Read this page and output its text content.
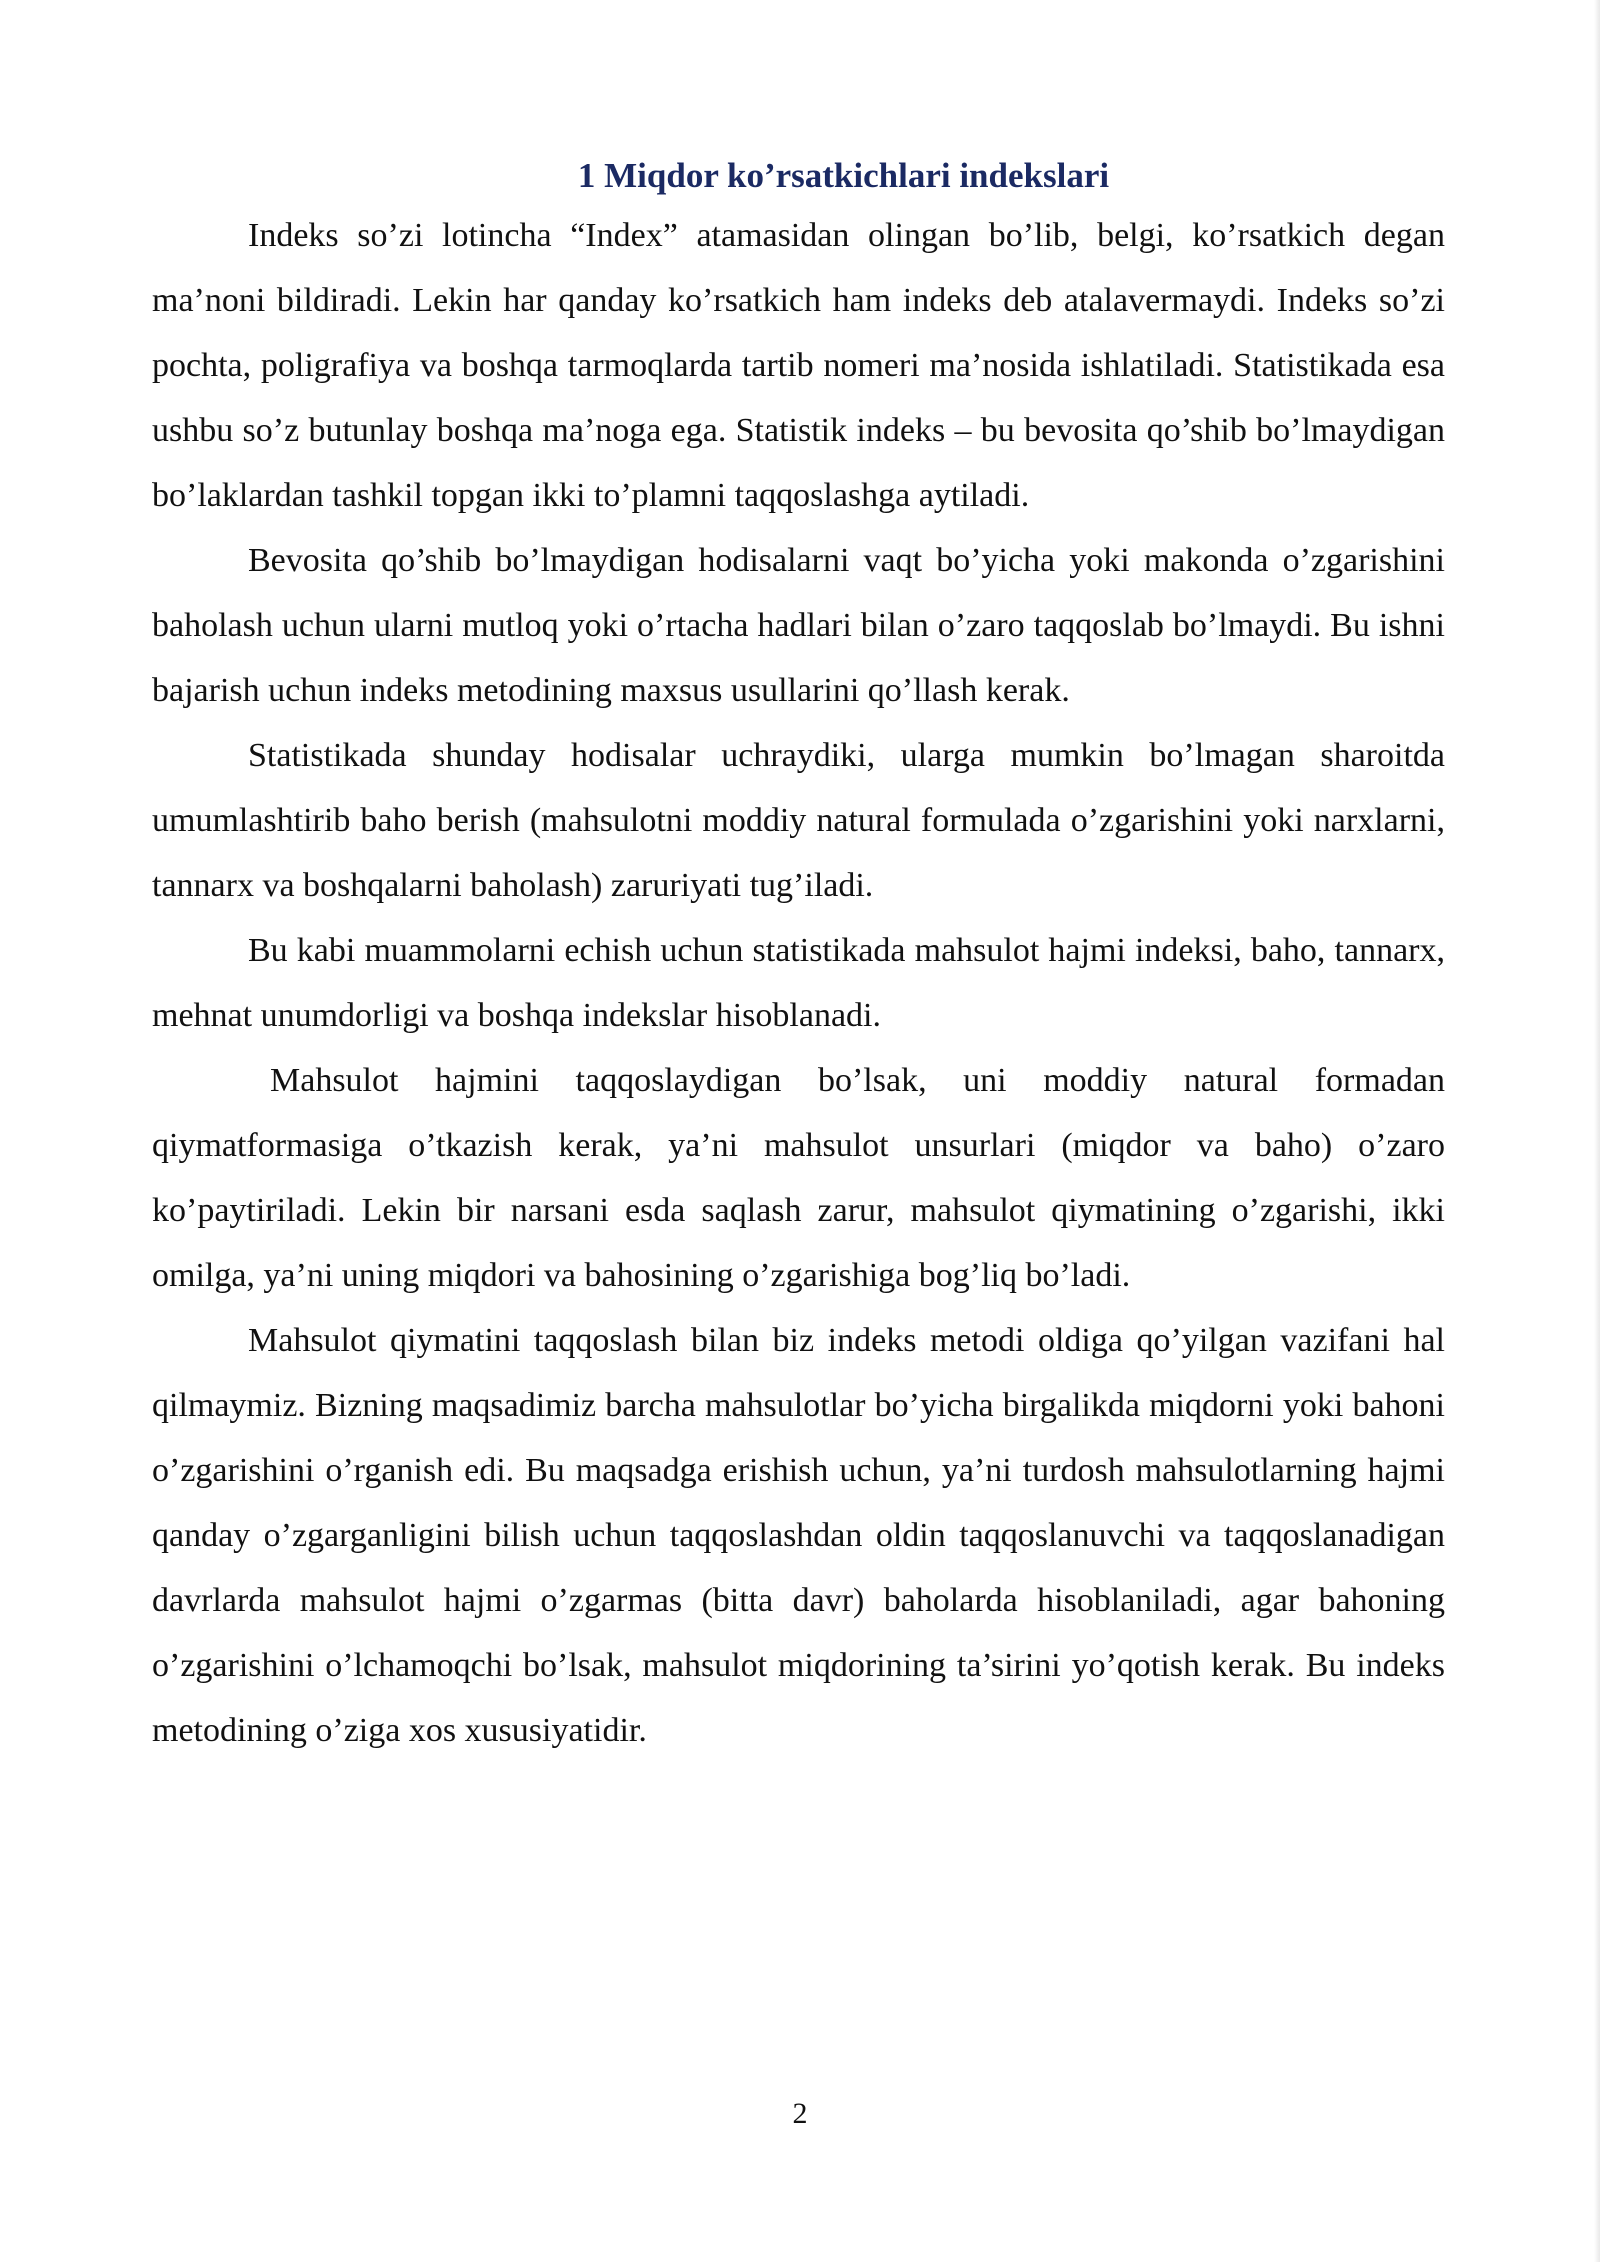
1 Miqdor ko’rsatkichlari indekslari

Indeks so’zi lotincha “Index” atamasidan olingan bo’lib, belgi, ko’rsatkich degan ma’noni bildiradi. Lekin har qanday ko’rsatkich ham indeks deb atalavermaydi. Indeks so’zi pochta, poligrafiya va boshqa tarmoqlarda tartib nomeri ma’nosida ishlatiladi. Statistikada esa ushbu so’z butunlay boshqa ma’noga ega. Statistik indeks – bu bevosita qo’shib bo’lmaydigan bo’laklardan tashkil topgan ikki to’plamni taqqoslashga aytiladi.

Bevosita qo’shib bo’lmaydigan hodisalarni vaqt bo’yicha yoki makonda o’zgarishini baholash uchun ularni mutloq yoki o’rtacha hadlari bilan o’zaro taqqoslab bo’lmaydi. Bu ishni bajarish uchun indeks metodining maxsus usullarini qo’llash kerak.

Statistikada shunday hodisalar uchraydiki, ularga mumkin bo’lmagan sharoitda umumlashtirib baho berish (mahsulotni moddiy natural formulada o’zgarishini yoki narxlarni, tannarx va boshqalarni baholash) zaruriyati tug’iladi.

Bu kabi muammolarni echish uchun statistikada mahsulot hajmi indeksi, baho, tannarx, mehnat unumdorligi va boshqa indekslar hisoblanadi.

Mahsulot hajmini taqqoslaydigan bo’lsak, uni moddiy natural formadan qiymatformasiga o’tkazish kerak, ya’ni mahsulot unsurlari (miqdor va baho) o’zaro ko’paytiriladi. Lekin bir narsani esda saqlash zarur, mahsulot qiymatining o’zgarishi, ikki omilga, ya’ni uning miqdori va bahosining o’zgarishiga bog’liq bo’ladi.

Mahsulot qiymatini taqqoslash bilan biz indeks metodi oldiga qo’yilgan vazifani hal qilmaymiz. Bizning maqsadimiz barcha mahsulotlar bo’yicha birgalikda miqdorni yoki bahoni o’zgarishini o’rganish edi. Bu maqsadga erishish uchun, ya’ni turdosh mahsulotlarning hajmi qanday o’zgarganligini bilish uchun taqqoslashdan oldin taqqoslanuvchi va taqqoslanadigan davrlarda mahsulot hajmi o’zgarmas (bitta davr) baholarda hisoblaniladi, agar bahoning o’zgarishini o’lchamoqchi bo’lsak, mahsulot miqdorining ta’sirini yo’qotish kerak. Bu indeks metodining o’ziga xos xususiyatidir.

2
